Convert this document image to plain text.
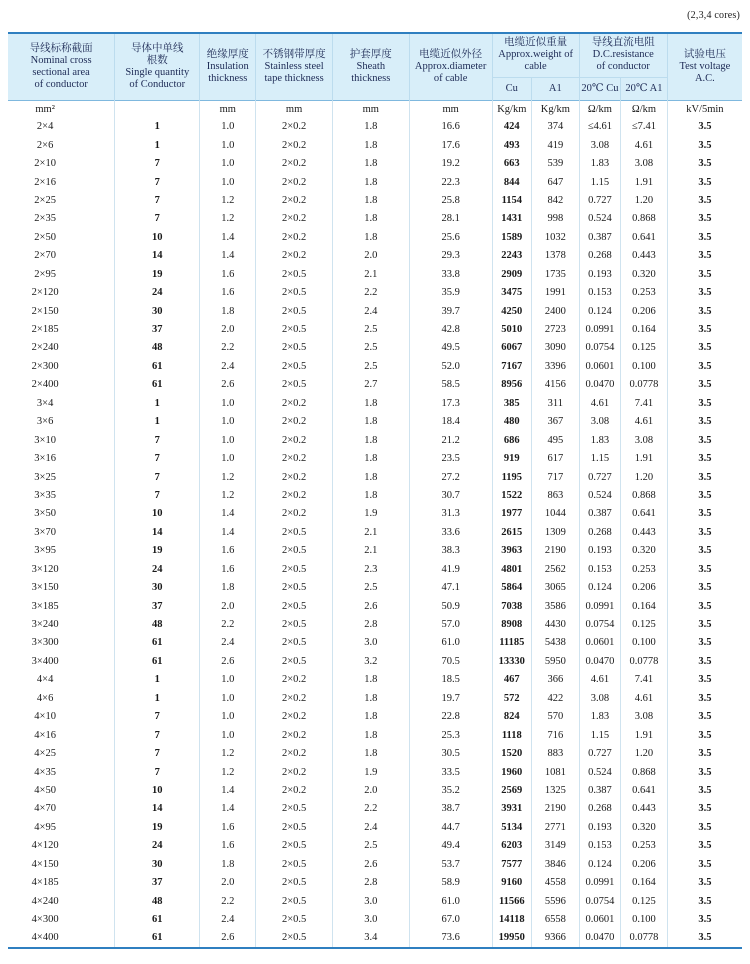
(2,3,4 cores)
导线标称截面
Nominal cross
sectional area
of conductor	导体中单线
根数
Single quantity
of Conductor	绝缘厚度
Insulation
thickness	不锈钢带厚度
Stainless steel
tape thickness	护套厚度
Sheath
thickness	电缆近似外径
Approx.diameter
of cable	电缆近似重量
Approx.weight of cable		导线直流电阻
D.C.resistance
of conductor		试验电压
Test voltage
A.C.

						Cu	A1	20℃ Cu	20℃ A1	
mm²		mm	mm	mm	mm	Kg/km	Kg/km	Ω/km	Ω/km	kV/5min
2×4	1	1.0	2×0.2	1.8	16.6	424	374	≤4.61	≤7.41	3.5
2×6	1	1.0	2×0.2	1.8	17.6	493	419	3.08	4.61	3.5
2×10	7	1.0	2×0.2	1.8	19.2	663	539	1.83	3.08	3.5
2×16	7	1.0	2×0.2	1.8	22.3	844	647	1.15	1.91	3.5
2×25	7	1.2	2×0.2	1.8	25.8	1154	842	0.727	1.20	3.5
2×35	7	1.2	2×0.2	1.8	28.1	1431	998	0.524	0.868	3.5
2×50	10	1.4	2×0.2	1.8	25.6	1589	1032	0.387	0.641	3.5
2×70	14	1.4	2×0.2	2.0	29.3	2243	1378	0.268	0.443	3.5
2×95	19	1.6	2×0.5	2.1	33.8	2909	1735	0.193	0.320	3.5
2×120	24	1.6	2×0.5	2.2	35.9	3475	1991	0.153	0.253	3.5
2×150	30	1.8	2×0.5	2.4	39.7	4250	2400	0.124	0.206	3.5
2×185	37	2.0	2×0.5	2.5	42.8	5010	2723	0.0991	0.164	3.5
2×240	48	2.2	2×0.5	2.5	49.5	6067	3090	0.0754	0.125	3.5
2×300	61	2.4	2×0.5	2.5	52.0	7167	3396	0.0601	0.100	3.5
2×400	61	2.6	2×0.5	2.7	58.5	8956	4156	0.0470	0.0778	3.5
3×4	1	1.0	2×0.2	1.8	17.3	385	311	4.61	7.41	3.5
3×6	1	1.0	2×0.2	1.8	18.4	480	367	3.08	4.61	3.5
3×10	7	1.0	2×0.2	1.8	21.2	686	495	1.83	3.08	3.5
3×16	7	1.0	2×0.2	1.8	23.5	919	617	1.15	1.91	3.5
3×25	7	1.2	2×0.2	1.8	27.2	1195	717	0.727	1.20	3.5
3×35	7	1.2	2×0.2	1.8	30.7	1522	863	0.524	0.868	3.5
3×50	10	1.4	2×0.2	1.9	31.3	1977	1044	0.387	0.641	3.5
3×70	14	1.4	2×0.5	2.1	33.6	2615	1309	0.268	0.443	3.5
3×95	19	1.6	2×0.5	2.1	38.3	3963	2190	0.193	0.320	3.5
3×120	24	1.6	2×0.5	2.3	41.9	4801	2562	0.153	0.253	3.5
3×150	30	1.8	2×0.5	2.5	47.1	5864	3065	0.124	0.206	3.5
3×185	37	2.0	2×0.5	2.6	50.9	7038	3586	0.0991	0.164	3.5
3×240	48	2.2	2×0.5	2.8	57.0	8908	4430	0.0754	0.125	3.5
3×300	61	2.4	2×0.5	3.0	61.0	11185	5438	0.0601	0.100	3.5
3×400	61	2.6	2×0.5	3.2	70.5	13330	5950	0.0470	0.0778	3.5
4×4	1	1.0	2×0.2	1.8	18.5	467	366	4.61	7.41	3.5
4×6	1	1.0	2×0.2	1.8	19.7	572	422	3.08	4.61	3.5
4×10	7	1.0	2×0.2	1.8	22.8	824	570	1.83	3.08	3.5
4×16	7	1.0	2×0.2	1.8	25.3	1118	716	1.15	1.91	3.5
4×25	7	1.2	2×0.2	1.8	30.5	1520	883	0.727	1.20	3.5
4×35	7	1.2	2×0.2	1.9	33.5	1960	1081	0.524	0.868	3.5
4×50	10	1.4	2×0.2	2.0	35.2	2569	1325	0.387	0.641	3.5
4×70	14	1.4	2×0.5	2.2	38.7	3931	2190	0.268	0.443	3.5
4×95	19	1.6	2×0.5	2.4	44.7	5134	2771	0.193	0.320	3.5
4×120	24	1.6	2×0.5	2.5	49.4	6203	3149	0.153	0.253	3.5
4×150	30	1.8	2×0.5	2.6	53.7	7577	3846	0.124	0.206	3.5
4×185	37	2.0	2×0.5	2.8	58.9	9160	4558	0.0991	0.164	3.5
4×240	48	2.2	2×0.5	3.0	61.0	11566	5596	0.0754	0.125	3.5
4×300	61	2.4	2×0.5	3.0	67.0	14118	6558	0.0601	0.100	3.5
4×400	61	2.6	2×0.5	3.4	73.6	19950	9366	0.0470	0.0778	3.5
